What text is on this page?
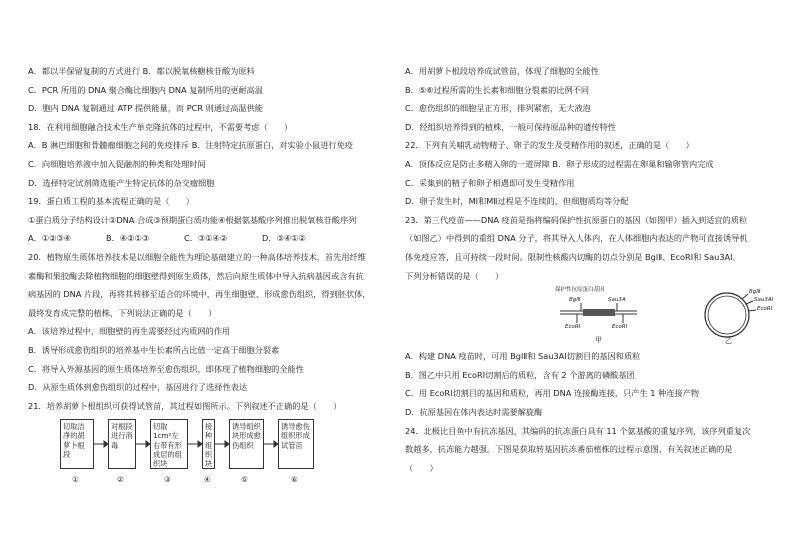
A．都以半保留复制的方式进行 B．都以脱氧核糖核苷酸为原料
C．PCR 所用的 DNA 聚合酶比细胞内 DNA 复制所用的更耐高温
D．胞内 DNA 复制通过 ATP 提供能量，而 PCR 则通过高温供能
18．在利用细胞融合技术生产单克隆抗体的过程中，不需要考虑（　　）
A．B 淋巴细胞和骨髓瘤细胞之间的免疫排斥 B．注射特定抗原蛋白，对实验小鼠进行免疫
C．向细胞培养液中加入促融剂的种类和处理时间
D．选择特定试剂筛选能产生特定抗体的杂交瘤细胞
19．蛋白质工程的基本流程正确的是（　　）
①蛋白质分子结构设计②DNA 合成③预期蛋白质功能④根据氨基酸序列推出脱氧核苷酸序列
A．①②③④	B．④②①③	C．③①④②	D．③④①②
20．植物原生质体培养技术是以细胞全能性为理论基础建立的一种高体培养技术，首先用纤维
素酶和果胶酶去除植物细胞的细胞壁得到原生质体，然后向原生质体中导入抗病基因或含有抗
病基因的 DNA 片段，再将其转移至适合的环境中，再生细胞壁、形成愈伤组织，得到胚状体，
最终发育成完整的植株，下列说法正确的是（　　）
A．该培养过程中，细胞壁的再生需要经过内质网的作用
B．诱导形成愈伤组织的培养基中生长素所占比值一定高于细胞分裂素
C．将导入外源基因的原生质体培养至愈伤组织，即体现了植物细胞的全能性
D．从原生质体到愈伤组织的过程中，基因进行了选择性表达
21．培养胡萝卜根组织可获得试管苗，其过程如图所示。下列叙述不正确的是（　　）
切取洁净的胡萝卜根段
对根段进行消毒
切取1cm²左右带有形成层的组织块
接种组织块
诱导组织块形成愈伤组织
诱导愈伤组织形成试管苗
①	②	③	④	⑤	⑥
A．用胡萝卜根段培养成试管苗，体现了细胞的全能性
B．⑤⑥过程所需的生长素和细胞分裂素的比例不同
C．愈伤组织的细胞呈正方形，排列紧密，无大液泡
D．经组织培养得到的植株，一般可保持原品种的遗传特性
22．下列有关哺乳动物精子、卵子的发生及受精作用的叙述，正确的是（　　）
A．顶体反应是防止多精入卵的一道屏障 B．卵子形成的过程需在卵巢和输卵管内完成
C．采集到的精子和卵子相遇即可发生受精作用
D．卵子发生时，MⅠ和MⅡ过程是不连续的，但细胞质均等分配
23．第三代疫苗——DNA 疫苗是指将编码保护性抗原蛋白的基因（如图甲）插入到适宜的质粒
（如图乙）中得到的重组 DNA 分子，将其导入人体内，在人体细胞内表达的产物可直接诱导机
体免疫应答，且可持续一段时间。限制性核酸内切酶的切点分别是 BglⅡ、EcoRⅠ和 Sau3AⅠ。
下列分析错误的是（　　）
保护性抗原蛋白基因
BglⅡ	Sau3A
EcoRⅠ	EcoRⅠ
BglⅡ
Sau3AⅠ
EcoRⅠ
甲	乙
A．构建 DNA 疫苗时，可用 BglⅡ和 Sau3AⅠ切割目的基因和质粒
B．图乙中只用 EcoRⅠ切割后的质粒，含有 2 个游离的磷酸基团
C．用 EcoRⅠ切割目的基因和质粒，再用 DNA 连接酶连接，只产生 1 种连接产物
D．抗原基因在体内表达时需要解旋酶
24．北极比目鱼中有抗冻基因，其编码的抗冻蛋白具有 11 个氨基酸的重复序列，该序列重复次
数越多，抗冻能力越强。下图是获取转基因抗冻番茄植株的过程示意图，有关叙述正确的是
（　　）
